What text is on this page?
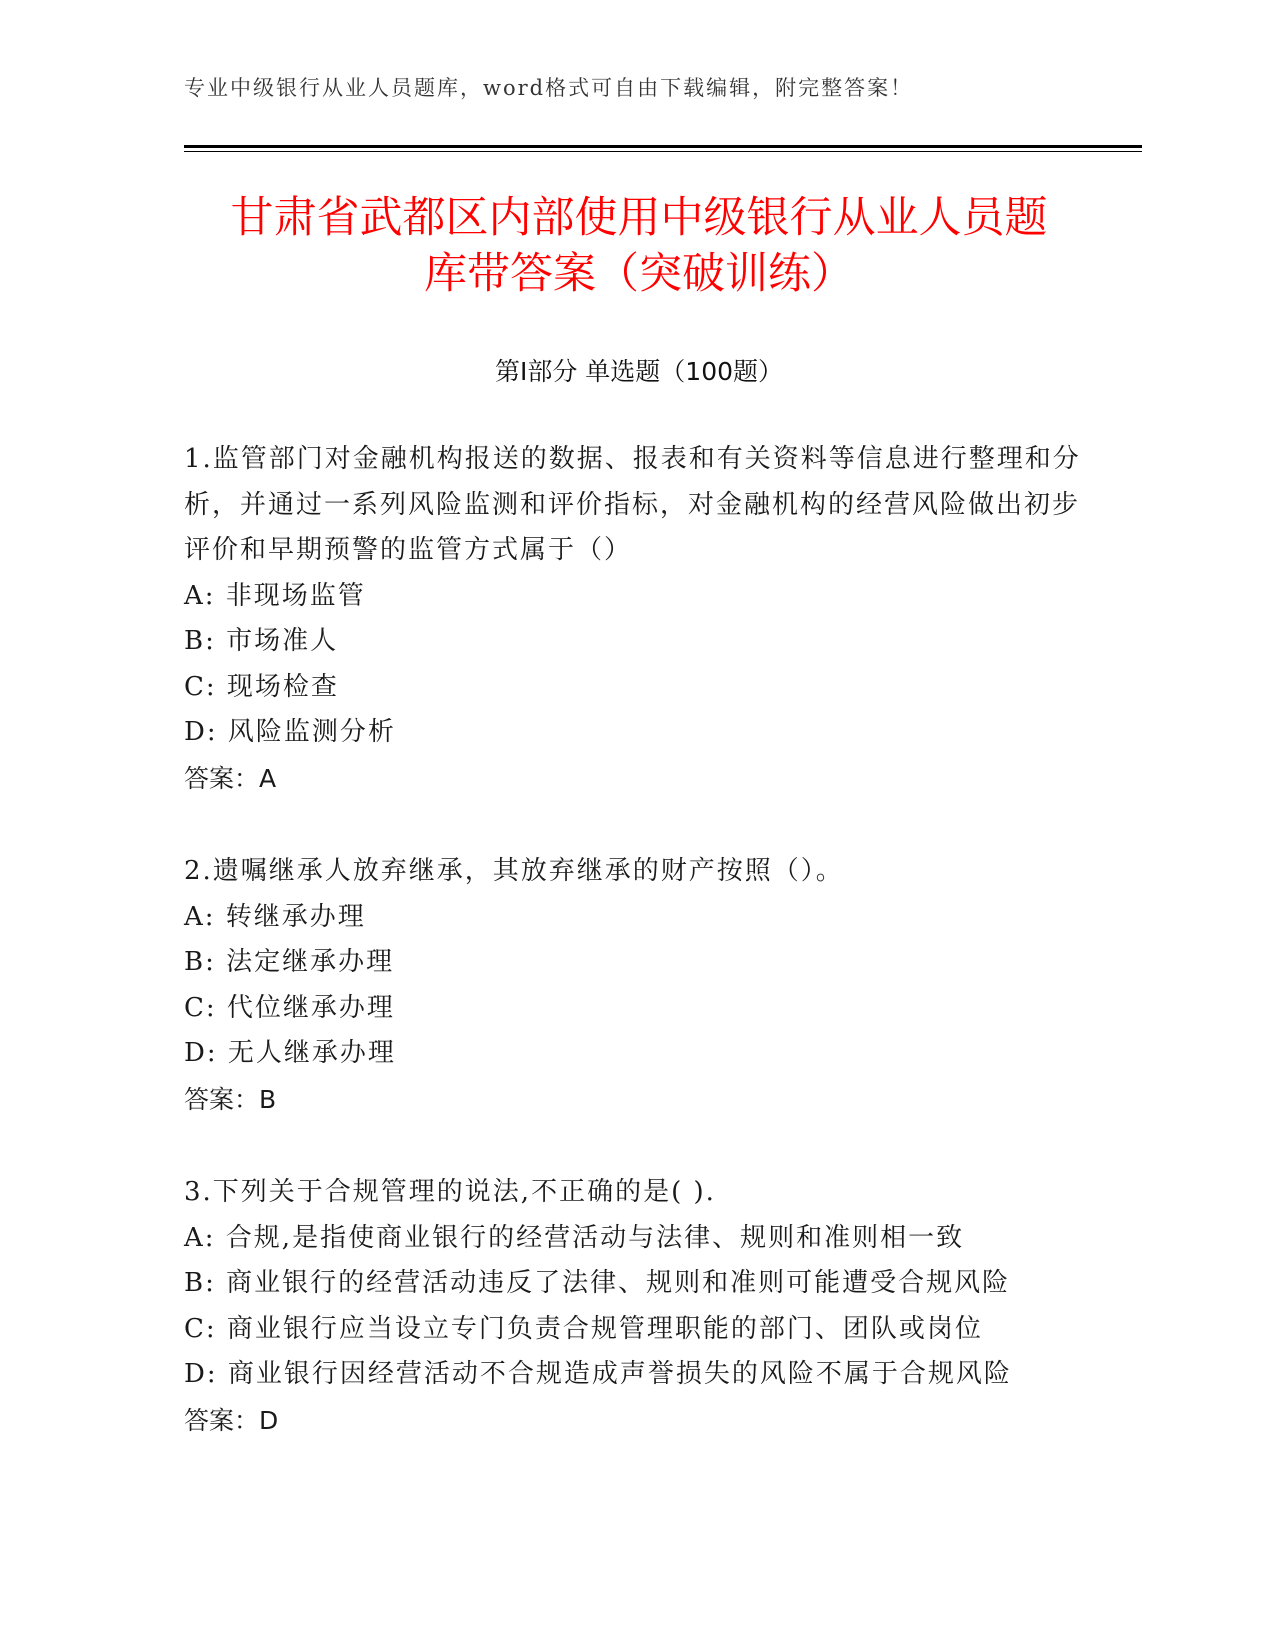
专业中级银行从业人员题库，word格式可自由下载编辑，附完整答案！
甘肃省武都区内部使用中级银行从业人员题
库带答案（突破训练）
第Ⅰ部分 单选题（100题）
1.监管部门对金融机构报送的数据、报表和有关资料等信息进行整理和分析，并通过一系列风险监测和评价指标，对金融机构的经营风险做出初步评价和早期预警的监管方式属于（）
A: 非现场监管
B: 市场准人
C: 现场检查
D: 风险监测分析
答案：A
2.遗嘱继承人放弃继承，其放弃继承的财产按照（）。
A: 转继承办理
B: 法定继承办理
C: 代位继承办理
D: 无人继承办理
答案：B
3.下列关于合规管理的说法,不正确的是( ).
A: 合规,是指使商业银行的经营活动与法律、规则和准则相一致
B: 商业银行的经营活动违反了法律、规则和准则可能遭受合规风险
C: 商业银行应当设立专门负责合规管理职能的部门、团队或岗位
D: 商业银行因经营活动不合规造成声誉损失的风险不属于合规风险
答案：D
